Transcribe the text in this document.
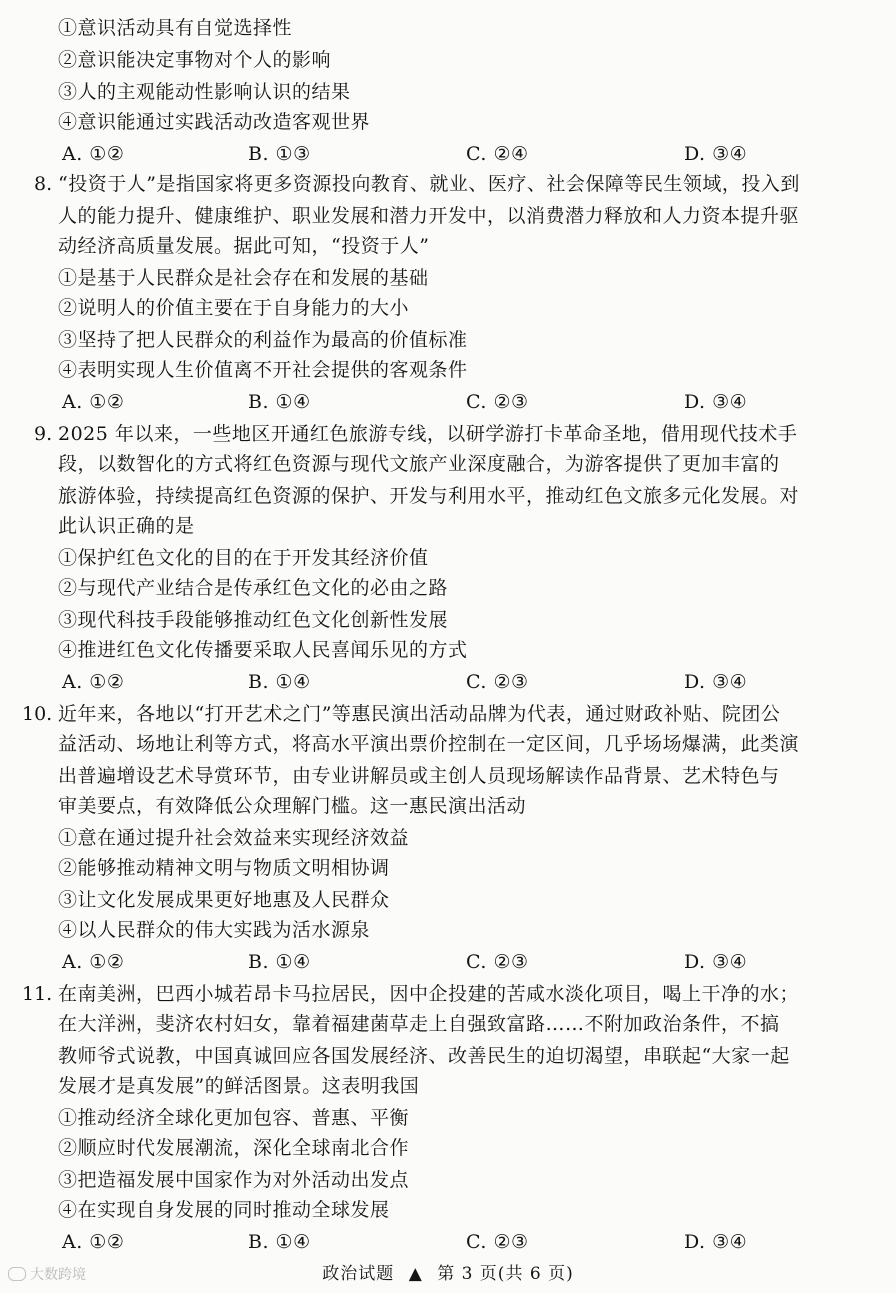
①意识活动具有自觉选择性
②意识能决定事物对个人的影响
③人的主观能动性影响认识的结果
④意识能通过实践活动改造客观世界
A. ①②	B. ①③	C. ②④	D. ③④
8. “投资于人”是指国家将更多资源投向教育、就业、医疗、社会保障等民生领域，投入到
人的能力提升、健康维护、职业发展和潜力开发中，以消费潜力释放和人力资本提升驱
动经济高质量发展。据此可知，“投资于人”
①是基于人民群众是社会存在和发展的基础
②说明人的价值主要在于自身能力的大小
③坚持了把人民群众的利益作为最高的价值标准
④表明实现人生价值离不开社会提供的客观条件
A. ①②	B. ①④	C. ②③	D. ③④
9. 2025 年以来，一些地区开通红色旅游专线，以研学游打卡革命圣地，借用现代技术手
段，以数智化的方式将红色资源与现代文旅产业深度融合，为游客提供了更加丰富的
旅游体验，持续提高红色资源的保护、开发与利用水平，推动红色文旅多元化发展。对
此认识正确的是
①保护红色文化的目的在于开发其经济价值
②与现代产业结合是传承红色文化的必由之路
③现代科技手段能够推动红色文化创新性发展
④推进红色文化传播要采取人民喜闻乐见的方式
A. ①②	B. ①④	C. ②③	D. ③④
10. 近年来，各地以“打开艺术之门”等惠民演出活动品牌为代表，通过财政补贴、院团公
益活动、场地让利等方式，将高水平演出票价控制在一定区间，几乎场场爆满，此类演
出普遍增设艺术导赏环节，由专业讲解员或主创人员现场解读作品背景、艺术特色与
审美要点，有效降低公众理解门槛。这一惠民演出活动
①意在通过提升社会效益来实现经济效益
②能够推动精神文明与物质文明相协调
③让文化发展成果更好地惠及人民群众
④以人民群众的伟大实践为活水源泉
A. ①②	B. ①④	C. ②③	D. ③④
11. 在南美洲，巴西小城若昂卡马拉居民，因中企投建的苦咸水淡化项目，喝上干净的水；
在大洋洲，斐济农村妇女，靠着福建菌草走上自强致富路……不附加政治条件，不搞
教师爷式说教，中国真诚回应各国发展经济、改善民生的迫切渴望，串联起“大家一起
发展才是真发展”的鲜活图景。这表明我国
①推动经济全球化更加包容、普惠、平衡
②顺应时代发展潮流，深化全球南北合作
③把造福发展中国家作为对外活动出发点
④在实现自身发展的同时推动全球发展
A. ①②	B. ①④	C. ②③	D. ③④
政治试题 ▲ 第 3 页(共 6 页)
大数跨境
